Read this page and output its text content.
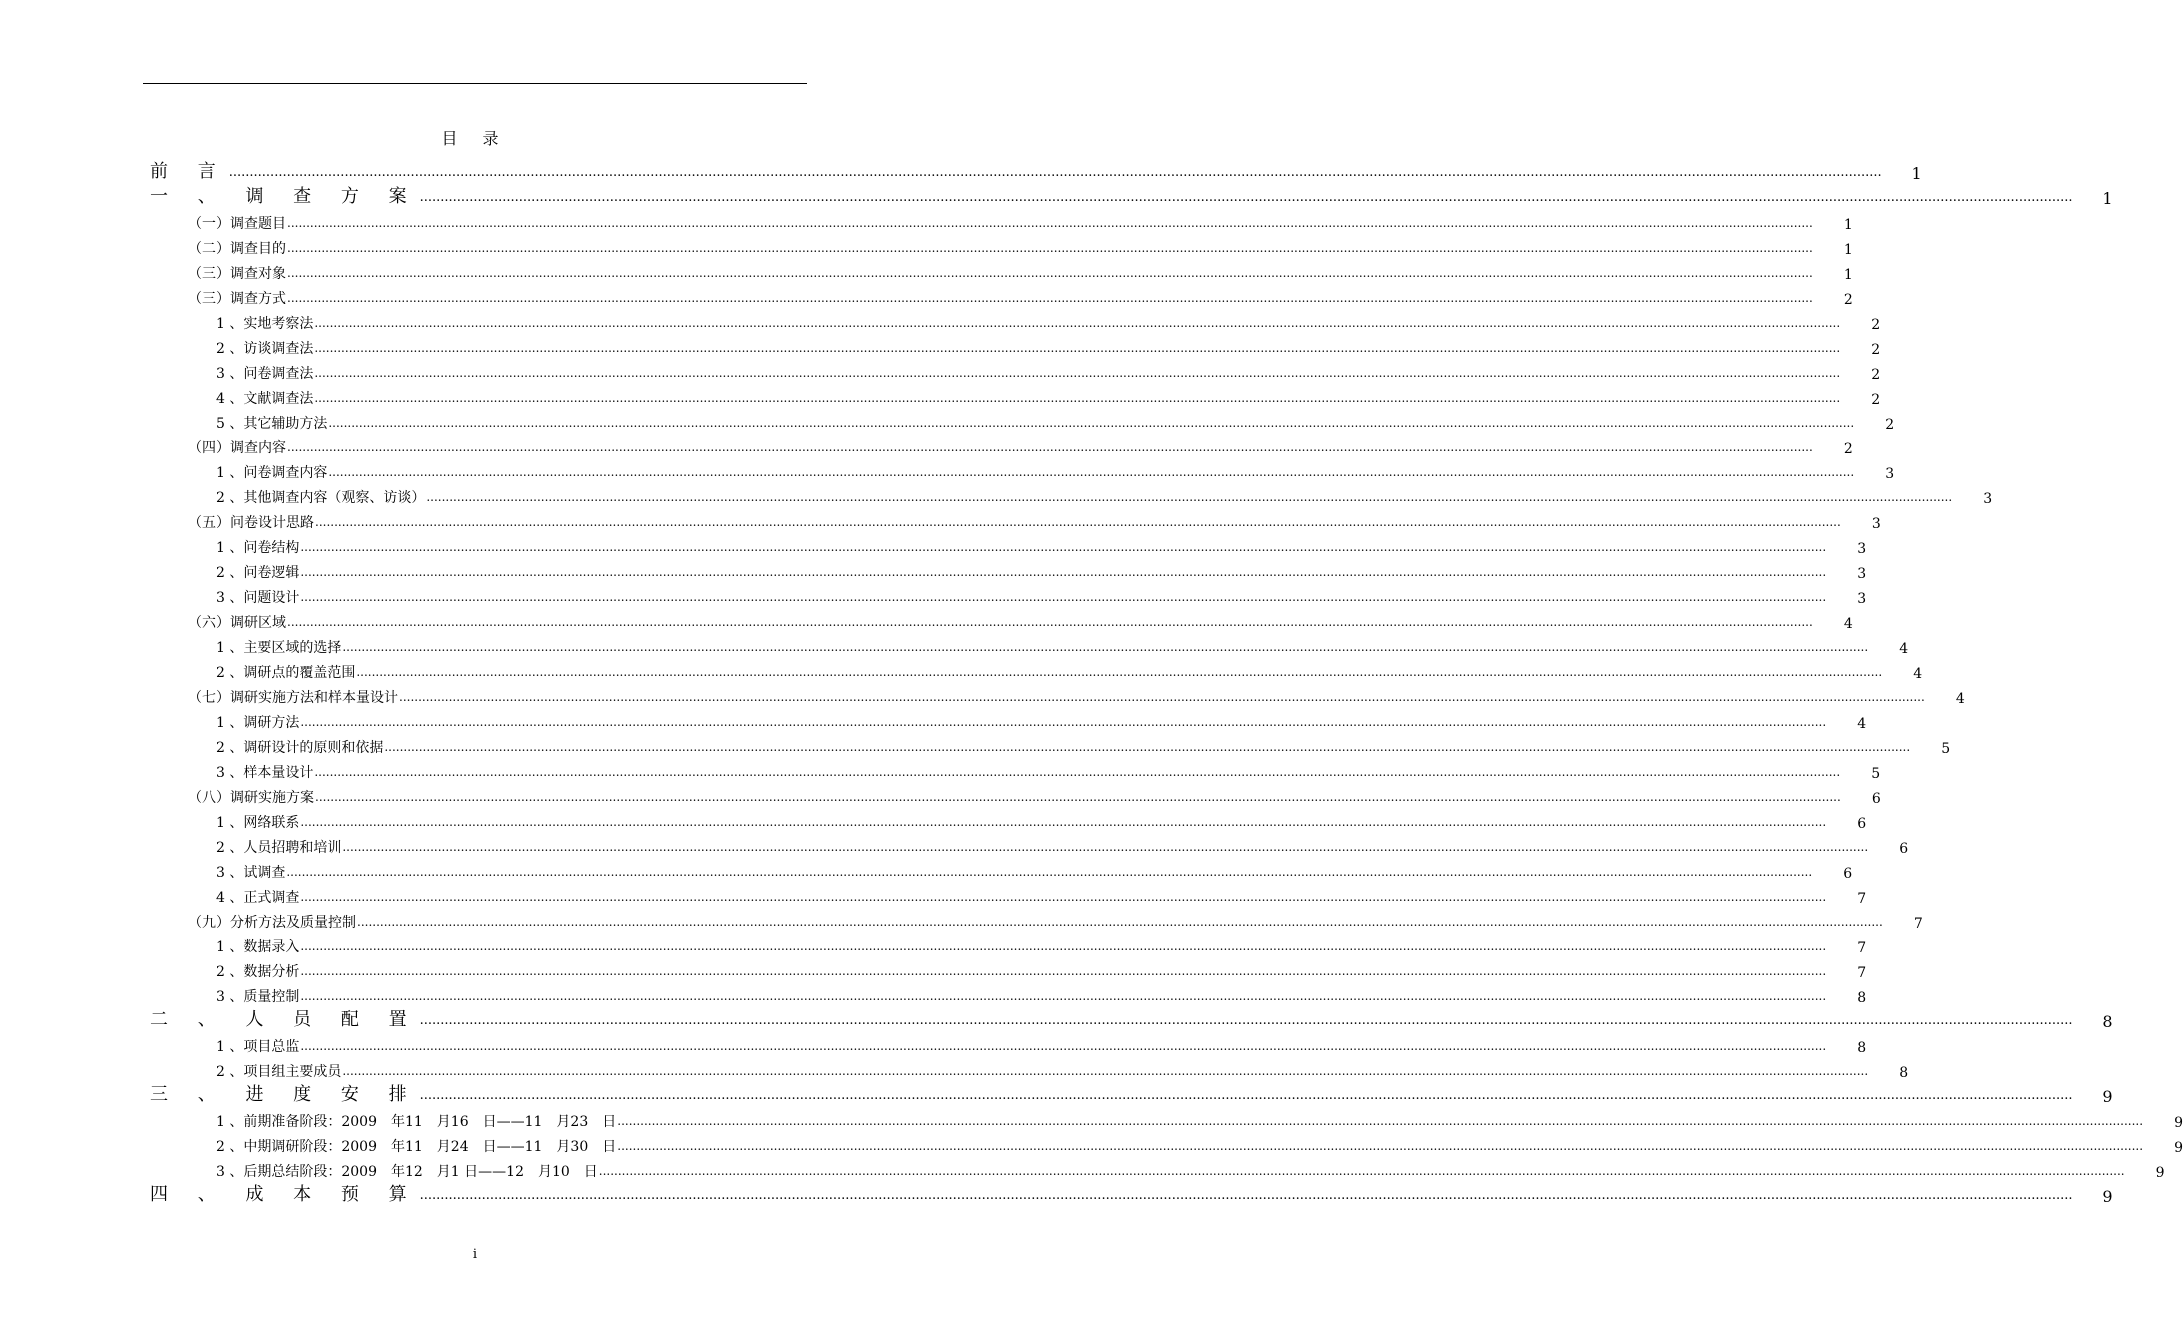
目 录
前 言 ................................................................................................................................................................................................................................................................................................................................................................................................................	1
一 、 调 查 方 案 ................................................................................................................................................................................................................................................................................................................................................................................................................	1
（一）调查题目 ................................................................................................................................................................................................................................................................................................................................................................................................................	1
（二）调查目的 ................................................................................................................................................................................................................................................................................................................................................................................................................	1
（三）调查对象 ................................................................................................................................................................................................................................................................................................................................................................................................................	1
（三）调查方式 ................................................................................................................................................................................................................................................................................................................................................................................................................	2
1 、实地考察法 ................................................................................................................................................................................................................................................................................................................................................................................................................	2
2 、访谈调查法 ................................................................................................................................................................................................................................................................................................................................................................................................................	2
3 、问卷调查法 ................................................................................................................................................................................................................................................................................................................................................................................................................	2
4 、文献调查法 ................................................................................................................................................................................................................................................................................................................................................................................................................	2
5 、其它辅助方法 ................................................................................................................................................................................................................................................................................................................................................................................................................	2
（四）调查内容 ................................................................................................................................................................................................................................................................................................................................................................................................................	2
1 、问卷调查内容 ................................................................................................................................................................................................................................................................................................................................................................................................................	3
2 、其他调查内容（观察、访谈） ................................................................................................................................................................................................................................................................................................................................................................................................................	3
（五）问卷设计思路 ................................................................................................................................................................................................................................................................................................................................................................................................................	3
1 、问卷结构 ................................................................................................................................................................................................................................................................................................................................................................................................................	3
2 、问卷逻辑 ................................................................................................................................................................................................................................................................................................................................................................................................................	3
3 、问题设计 ................................................................................................................................................................................................................................................................................................................................................................................................................	3
（六）调研区域 ................................................................................................................................................................................................................................................................................................................................................................................................................	4
1 、主要区域的选择 ................................................................................................................................................................................................................................................................................................................................................................................................................	4
2 、调研点的覆盖范围 ................................................................................................................................................................................................................................................................................................................................................................................................................	4
（七）调研实施方法和样本量设计 ................................................................................................................................................................................................................................................................................................................................................................................................................	4
1 、调研方法 ................................................................................................................................................................................................................................................................................................................................................................................................................	4
2 、调研设计的原则和依据 ................................................................................................................................................................................................................................................................................................................................................................................................................	5
3 、样本量设计 ................................................................................................................................................................................................................................................................................................................................................................................................................	5
（八）调研实施方案 ................................................................................................................................................................................................................................................................................................................................................................................................................	6
1 、网络联系 ................................................................................................................................................................................................................................................................................................................................................................................................................	6
2 、人员招聘和培训 ................................................................................................................................................................................................................................................................................................................................................................................................................	6
3 、试调查 ................................................................................................................................................................................................................................................................................................................................................................................................................	6
4 、正式调查 ................................................................................................................................................................................................................................................................................................................................................................................................................	7
（九）分析方法及质量控制 ................................................................................................................................................................................................................................................................................................................................................................................................................	7
1 、数据录入 ................................................................................................................................................................................................................................................................................................................................................................................................................	7
2 、数据分析 ................................................................................................................................................................................................................................................................................................................................................................................................................	7
3 、质量控制 ................................................................................................................................................................................................................................................................................................................................................................................................................	8
二 、 人 员 配 置 ................................................................................................................................................................................................................................................................................................................................................................................................................	8
1 、项目总监 ................................................................................................................................................................................................................................................................................................................................................................................................................	8
2 、项目组主要成员 ................................................................................................................................................................................................................................................................................................................................................................................................................	8
三 、 进 度 安 排 ................................................................................................................................................................................................................................................................................................................................................................................................................	9
1 、前期准备阶段：2009　年11　月16　日——11　月23　日 ................................................................................................................................................................................................................................................................................................................................................................................................................	9
2 、中期调研阶段：2009　年11　月24　日——11　月30　日 ................................................................................................................................................................................................................................................................................................................................................................................................................	9
3 、后期总结阶段：2009　年12　月1 日——12　月10　日 ................................................................................................................................................................................................................................................................................................................................................................................................................	9
四 、 成 本 预 算 ................................................................................................................................................................................................................................................................................................................................................................................................................	9
i
